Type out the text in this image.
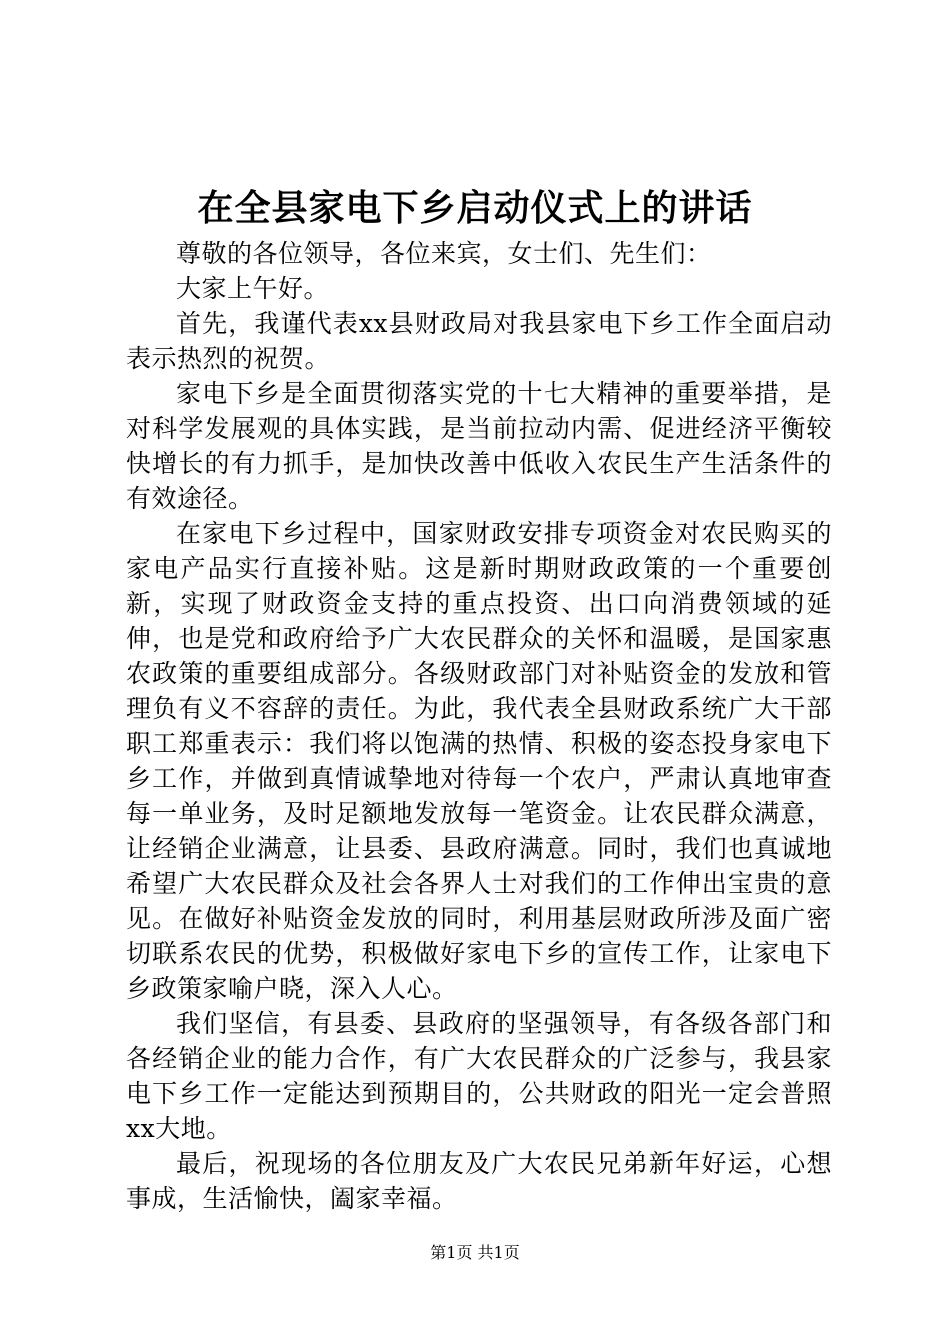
在全县家电下乡启动仪式上的讲话

尊敬的各位领导，各位来宾，女士们、先生们：

大家上午好。

首先，我谨代表xx县财政局对我县家电下乡工作全面启动表示热烈的祝贺。

家电下乡是全面贯彻落实党的十七大精神的重要举措，是对科学发展观的具体实践，是当前拉动内需、促进经济平衡较快增长的有力抓手，是加快改善中低收入农民生产生活条件的有效途径。

在家电下乡过程中，国家财政安排专项资金对农民购买的家电产品实行直接补贴。这是新时期财政政策的一个重要创新，实现了财政资金支持的重点投资、出口向消费领域的延伸，也是党和政府给予广大农民群众的关怀和温暖，是国家惠农政策的重要组成部分。各级财政部门对补贴资金的发放和管理负有义不容辞的责任。为此，我代表全县财政系统广大干部职工郑重表示：我们将以饱满的热情、积极的姿态投身家电下乡工作，并做到真情诚挚地对待每一个农户，严肃认真地审查每一单业务，及时足额地发放每一笔资金。让农民群众满意，让经销企业满意，让县委、县政府满意。同时，我们也真诚地希望广大农民群众及社会各界人士对我们的工作伸出宝贵的意见。在做好补贴资金发放的同时，利用基层财政所涉及面广密切联系农民的优势，积极做好家电下乡的宣传工作，让家电下乡政策家喻户晓，深入人心。

我们坚信，有县委、县政府的坚强领导，有各级各部门和各经销企业的能力合作，有广大农民群众的广泛参与，我县家电下乡工作一定能达到预期目的，公共财政的阳光一定会普照xx大地。

最后，祝现场的各位朋友及广大农民兄弟新年好运，心想事成，生活愉快，阖家幸福。

第1页 共1页
